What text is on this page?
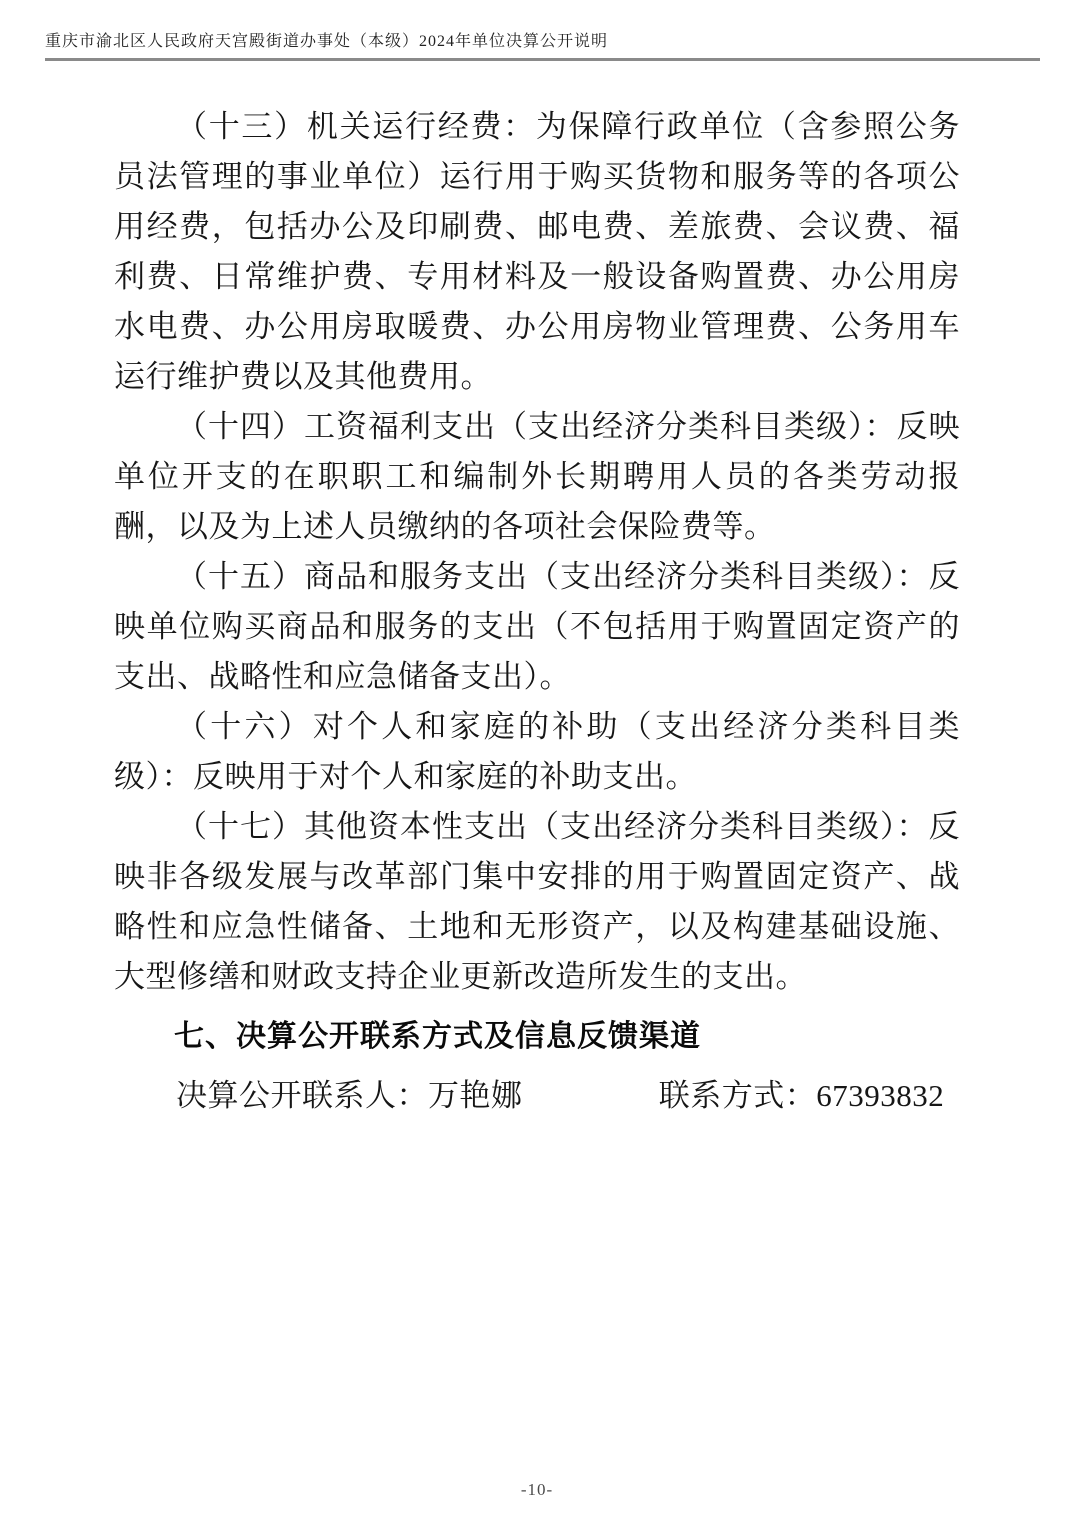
重庆市渝北区人民政府天宫殿街道办事处（本级）2024年单位决算公开说明

（十三）机关运行经费：为保障行政单位（含参照公务员法管理的事业单位）运行用于购买货物和服务等的各项公用经费，包括办公及印刷费、邮电费、差旅费、会议费、福利费、日常维护费、专用材料及一般设备购置费、办公用房水电费、办公用房取暖费、办公用房物业管理费、公务用车运行维护费以及其他费用。

（十四）工资福利支出（支出经济分类科目类级）：反映单位开支的在职职工和编制外长期聘用人员的各类劳动报酬，以及为上述人员缴纳的各项社会保险费等。

（十五）商品和服务支出（支出经济分类科目类级）：反映单位购买商品和服务的支出（不包括用于购置固定资产的支出、战略性和应急储备支出）。

（十六）对个人和家庭的补助（支出经济分类科目类级）：反映用于对个人和家庭的补助支出。

（十七）其他资本性支出（支出经济分类科目类级）：反映非各级发展与改革部门集中安排的用于购置固定资产、战略性和应急性储备、土地和无形资产，以及构建基础设施、大型修缮和财政支持企业更新改造所发生的支出。

七、决算公开联系方式及信息反馈渠道

决算公开联系人：万艳娜	联系方式：67393832

-10-
